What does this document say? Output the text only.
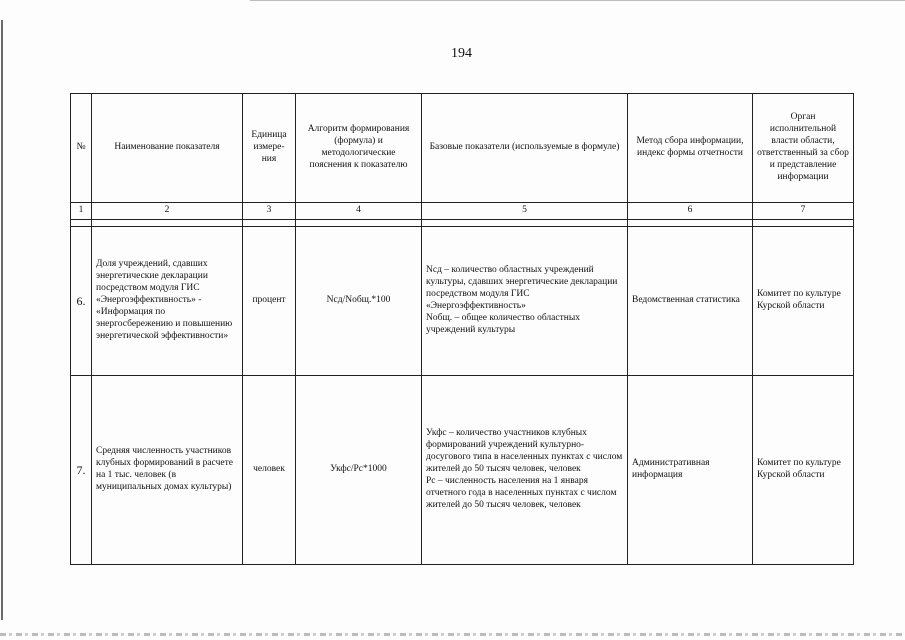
194
№	Наименование показателя	Единица измере-ния	Алгоритм формирования (формула) и методологические пояснения к показателю	Базовые показатели (используемые в формуле)	Метод сбора информации, индекс формы отчетности	Орган исполнительной власти области, ответственный за сбор и представление информации
1	2	3	4	5	6	7

6.	Доля учреждений, сдавших энергетические декларации посредством модуля ГИС «Энергоэффективность» - «Информация по энергосбережению и повышению энергетической эффективности»	процент	Nсд/Nобщ.*100	Nсд – количество областных учреждений культуры, сдавших энергетические декларации посредством модуля ГИС «Энергоэффективность»
Nобщ. – общее количество областных учреждений культуры	Ведомственная статистика	Комитет по культуре Курской области
7.	Средняя численность участников клубных формирований в расчете на 1 тыс. человек (в муниципальных домах культуры)	человек	Укфс/Рс*1000	Укфс – количество участников клубных формирований учреждений культурно-досугового типа в населенных пунктах с числом жителей до 50 тысяч человек, человек
Рс – численность населения на 1 января отчетного года в населенных пунктах с числом жителей до 50 тысяч человек, человек	Административная информация	Комитет по культуре Курской области
